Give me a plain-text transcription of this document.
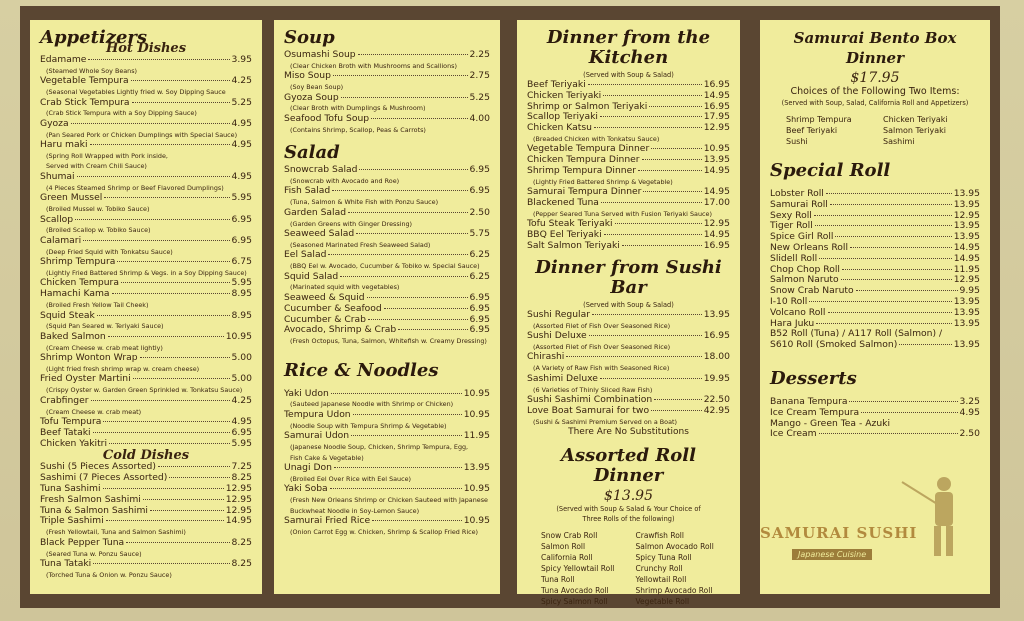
Appetizers
Hot Dishes
Edamame	3.95
(Steamed Whole Soy Beans)
Vegetable Tempura	4.25
(Seasonal Vegetables Lightly fried w. Soy Dipping Sauce
Crab Stick Tempura	5.25
(Crab Stick Tempura with a Soy Dipping Sauce)
Gyoza	4.95
(Pan Seared Pork or Chicken Dumplings with Special Sauce)
Haru maki	4.95
(Spring Roll Wrapped with Pork inside,
Served with Cream Chili Sauce)
Shumai	4.95
(4 Pieces Steamed Shrimp or Beef Flavored Dumplings)
Green Mussel	5.95
(Broiled Mussel w. Tobiko Sauce)
Scallop	6.95
(Broiled Scallop w. Tobiko Sauce)
Calamari	6.95
(Deep Fried Squid with Tonkatsu Sauce)
Shrimp Tempura	6.75
(Lightly Fried Battered Shrimp & Vegs. in a Soy Dipping Sauce)
Chicken Tempura	5.95
Hamachi Kama	8.95
(Broiled Fresh Yellow Tail Cheek)
Squid Steak	8.95
(Squid Pan Seared w. Teriyaki Sauce)
Baked Salmon	10.95
(Cream Cheese w. crab meat lightly)
Shrimp Wonton Wrap	5.00
(Light fried fresh shrimp wrap w. cream cheese)
Fried Oyster Martini	5.00
(Crispy Oyster w. Garden Green Sprinkled w. Tonkatsu Sauce)
Crabfinger	4.25
(Cream Cheese w. crab meat)
Tofu Tempura	4.95
Beef Tataki	6.95
Chicken Yakitri	5.95
Cold Dishes
Sushi (5 Pieces Assorted)	7.25
Sashimi (7 Pieces Assorted)	8.25
Tuna Sashimi	12.95
Fresh Salmon Sashimi	12.95
Tuna & Salmon Sashimi	12.95
Triple Sashimi	14.95
(Fresh Yellowtail, Tuna and Salmon Sashimi)
Black Pepper Tuna	8.25
(Seared Tuna w. Ponzu Sauce)
Tuna Tataki	8.25
(Torched Tuna & Onion w. Ponzu Sauce)
Soup
Osumashi Soup	2.25
(Clear Chicken Broth with Mushrooms and Scallions)
Miso Soup	2.75
(Soy Bean Soup)
Gyoza Soup	5.25
(Clear Broth with Dumplings & Mushroom)
Seafood Tofu Soup	4.00
(Contains Shrimp, Scallop, Peas & Carrots)
Salad
Snowcrab Salad	6.95
(Snowcrab with Avocado and Roe)
Fish Salad	6.95
(Tuna, Salmon & White Fish with Ponzu Sauce)
Garden Salad	2.50
(Garden Greens with Ginger Dressing)
Seaweed Salad	5.75
(Seasoned Marinated Fresh Seaweed Salad)
Eel Salad	6.25
(BBQ Eel w. Avocado, Cucumber & Tobiko w. Special Sauce)
Squid Salad	6.25
(Marinated squid with vegetables)
Seaweed & Squid	6.95
Cucumber & Seafood	6.95
Cucumber & Crab	6.95
Avocado, Shrimp & Crab	6.95
(Fresh Octopus, Tuna, Salmon, Whitefish w. Creamy Dressing)
Rice & Noodles
Yaki Udon	10.95
(Sauteed Japanese Noodle with Shrimp or Chicken)
Tempura Udon	10.95
(Noodle Soup with Tempura Shrimp & Vegetable)
Samurai Udon	11.95
(Japanese Noodle Soup, Chicken, Shrimp Tempura, Egg,
Fish Cake & Vegetable)
Unagi Don	13.95
(Broiled Eel Over Rice with Eel Sauce)
Yaki Soba	10.95
(Fresh New Orleans Shrimp or Chicken Sauteed with Japanese
Buckwheat Noodle in Soy-Lemon Sauce)
Samurai Fried Rice	10.95
(Onion Carrot Egg w. Chicken, Shrimp & Scallop Fried Rice)
Dinner from the Kitchen
(Served with Soup & Salad)
Beef Teriyaki	16.95
Chicken Teriyaki	14.95
Shrimp or Salmon Teriyaki	16.95
Scallop Teriyaki	17.95
Chicken Katsu	12.95
(Breaded Chicken with Tonkatsu Sauce)
Vegetable Tempura Dinner	10.95
Chicken Tempura Dinner	13.95
Shrimp Tempura Dinner	14.95
(Lightly Fried Battered Shrimp & Vegetable)
Samurai Tempura Dinner	14.95
Blackened Tuna	17.00
(Pepper Seared Tuna Served with Fusion Teriyaki Sauce)
Tofu Steak Teriyaki	12.95
BBQ Eel Teriyaki	14.95
Salt Salmon Teriyaki	16.95
Dinner from Sushi Bar
(Served with Soup & Salad)
Sushi Regular	13.95
(Assorted Filet of Fish Over Seasoned Rice)
Sushi Deluxe	16.95
(Assorted Filet of Fish Over Seasoned Rice)
Chirashi	18.00
(A Variety of Raw Fish with Seasoned Rice)
Sashimi Deluxe	19.95
(6 Varieties of Thinly Sliced Raw Fish)
Sushi Sashimi Combination	22.50
Love Boat Samurai for two	42.95
(Sushi & Sashimi Premium Served on a Boat)
There Are No Substitutions
Assorted Roll Dinner
$13.95
(Served with Soup & Salad & Your Choice of
Three Rolls of the following)
Snow Crab Roll
Salmon Roll
California Roll
Spicy Yellowtail Roll
Tuna Roll
Tuna Avocado Roll
Spicy Salmon Roll
Crawfish Roll
Salmon Avocado Roll
Spicy Tuna Roll
Crunchy Roll
Yellowtail Roll
Shrimp Avocado Roll
Vegetable Roll
Samurai Bento Box Dinner
$17.95
Choices of the Following Two Items:
(Served with Soup, Salad, California Roll and Appetizers)
Shrimp Tempura
Beef Teriyaki
Sushi
Chicken Teriyaki
Salmon Teriyaki
Sashimi
Special Roll
Lobster Roll	13.95
Samurai Roll	13.95
Sexy Roll	12.95
Tiger Roll	13.95
Spice Girl Roll	13.95
New Orleans Roll	14.95
Slidell Roll	14.95
Chop Chop Roll	11.95
Salmon Naruto	12.95
Snow Crab Naruto	9.95
I-10 Roll	13.95
Volcano Roll	13.95
Hara Juku	13.95
B52 Roll (Tuna) / A117 Roll (Salmon) /
S610 Roll (Smoked Salmon)	13.95
Desserts
Banana Tempura	3.25
Ice Cream Tempura	4.95
Mango - Green Tea - Azuki
Ice Cream	2.50
SAMURAI SUSHI
Japanese Cuisine
